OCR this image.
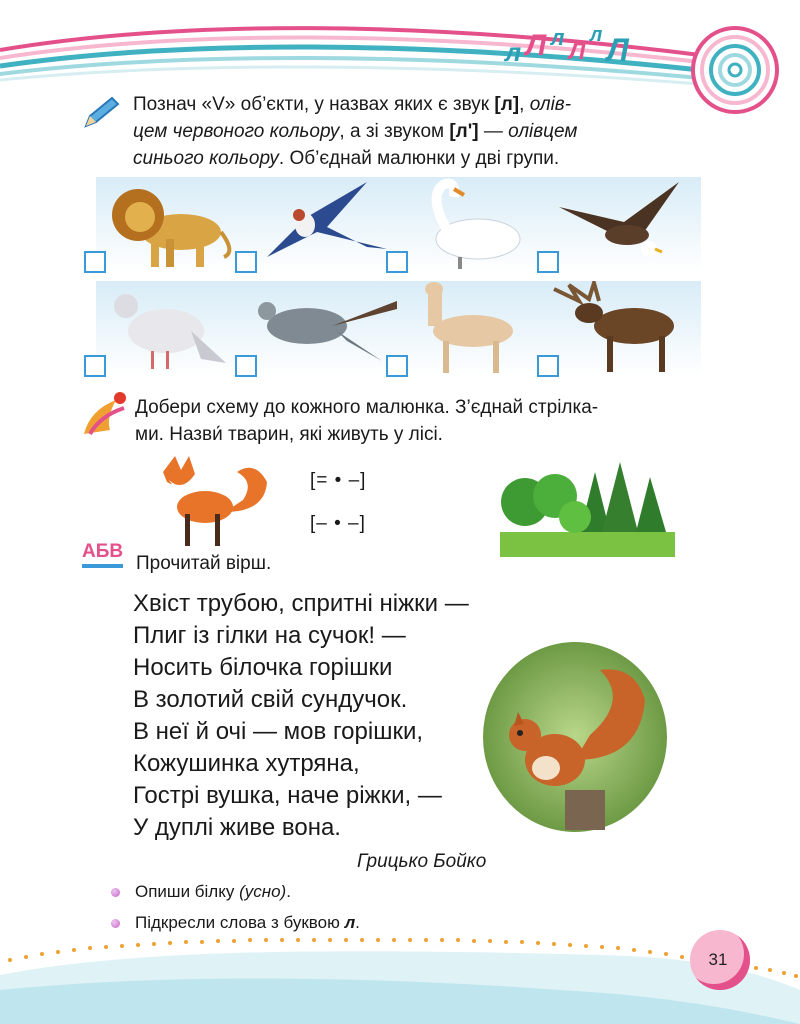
л Л л Л л Л
Познач «V» об’єкти, у назвах яких є звук [л], олів-
цем червоного кольору, а зі звуком [л'] — олівцем
синього кольору. Об’єднай малюнки у дві групи.
Добери схему до кожного малюнка. З’єднай стрілка-
ми. Назви́ тварин, які живуть у лісі.
[= • –]
[– • –]
АБВ
Прочитай вірш.
Хвіст трубою, спритні ніжки —
Плиг із гілки на сучок! —
Носить білочка горішки
В золотий свій сундучок.
В неї й очі — мов горішки,
Кожушинка хутряна,
Гострі вушка, наче ріжки, —
У дуплі живе вона.
Грицько Бойко
Опиши білку (усно).
Підкресли слова з буквою л.
31
